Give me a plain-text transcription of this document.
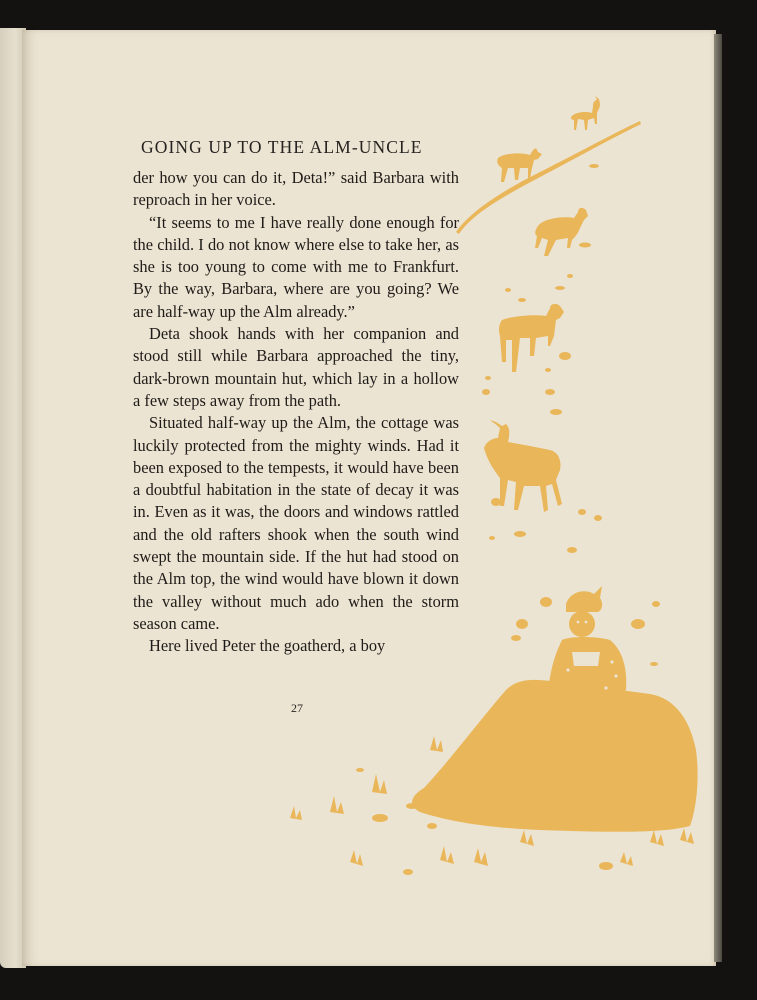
GOING UP TO THE ALM-UNCLE

der how you can do it, Deta!” said Barbara with reproach in her voice.

“It seems to me I have really done enough for the child. I do not know where else to take her, as she is too young to come with me to Frankfurt. By the way, Barbara, where are you going? We are half-way up the Alm already.”

Deta shook hands with her companion and stood still while Barbara approached the tiny, dark-brown mountain hut, which lay in a hollow a few steps away from the path.

Situated half-way up the Alm, the cottage was luckily protected from the mighty winds. Had it been exposed to the tempests, it would have been a doubtful habitation in the state of decay it was in. Even as it was, the doors and windows rattled and the old rafters shook when the south wind swept the mountain side. If the hut had stood on the Alm top, the wind would have blown it down the valley without much ado when the storm season came.

Here lived Peter the goatherd, a boy

27
